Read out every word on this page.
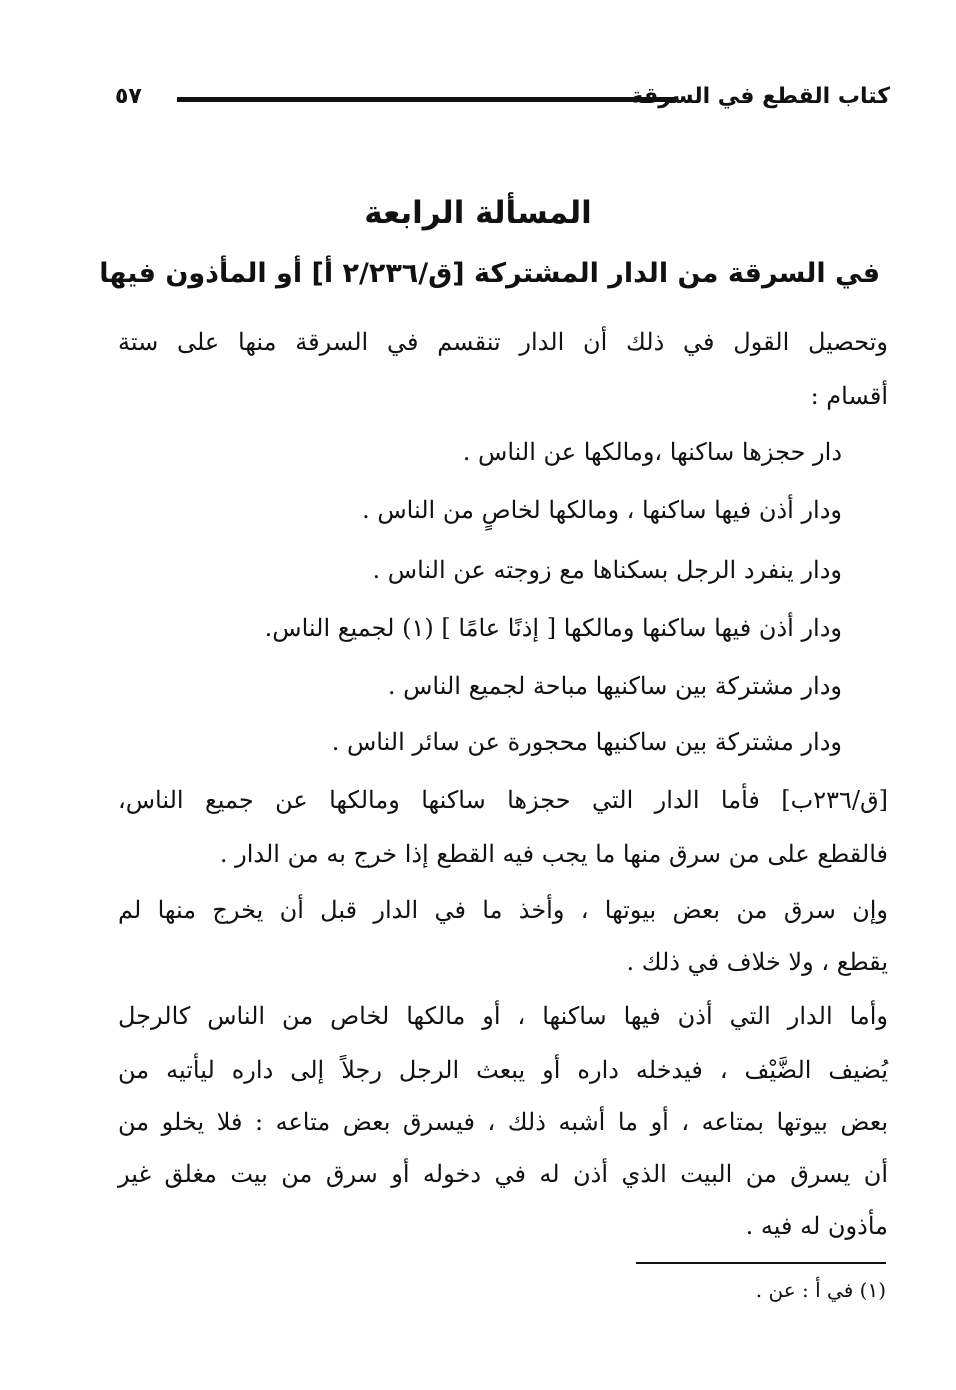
كتاب القطع في السرقة
٥٧
المسألة الرابعة
في السرقة من الدار المشتركة [ق/٢/٢٣٦ أ] أو المأذون فيها
وتحصيل القول في ذلك أن الدار تنقسم في السرقة منها على ستة
أقسام :
دار حجزها ساكنها ،ومالكها عن الناس .
ودار أذن فيها ساكنها ، ومالكها لخاصٍ من الناس .
ودار ينفرد الرجل بسكناها مع زوجته عن الناس .
ودار أذن فيها ساكنها ومالكها [ إذنًا عامًا ] (١) لجميع الناس.
ودار مشتركة بين ساكنيها مباحة لجميع الناس .
ودار مشتركة بين ساكنيها محجورة عن سائر الناس .
[ق/٢٣٦ب] فأما الدار التي حجزها ساكنها ومالكها عن جميع الناس،
فالقطع على من سرق منها ما يجب فيه القطع إذا خرج به من الدار .
وإن سرق من بعض بيوتها ، وأخذ ما في الدار قبل أن يخرج منها لم
يقطع ، ولا خلاف في ذلك .
وأما الدار التي أذن فيها ساكنها ، أو مالكها لخاص من الناس كالرجل
يُضيف الضَّيْف ، فيدخله داره أو يبعث الرجل رجلاً إلى داره ليأتيه من
بعض بيوتها بمتاعه ، أو ما أشبه ذلك ، فيسرق بعض متاعه : فلا يخلو من
أن يسرق من البيت الذي أذن له في دخوله أو سرق من بيت مغلق غير
مأذون له فيه .
(١) في أ : عن .
